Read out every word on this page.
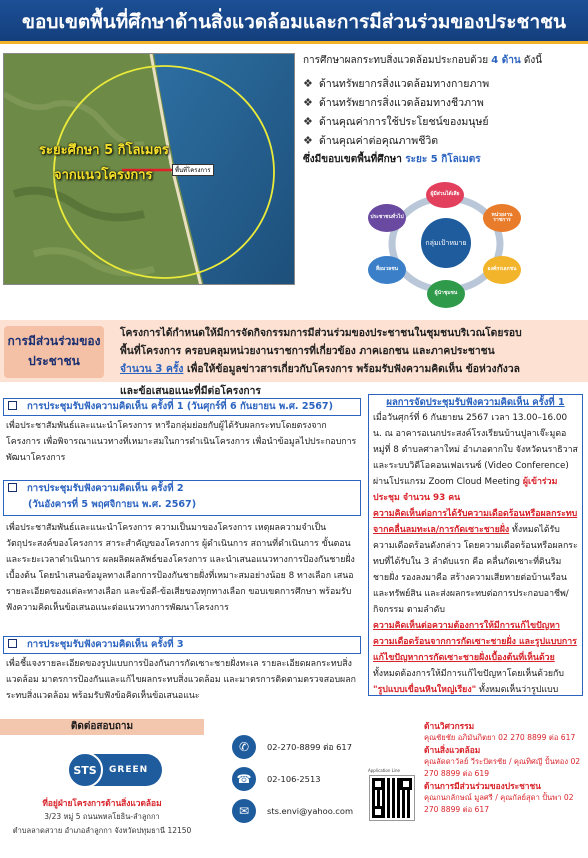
ขอบเขตพื้นที่ศึกษาด้านสิ่งแวดล้อมและการมีส่วนร่วมของประชาชน
ระยะศึกษา 5 กิโลเมตร
จากแนวโครงการ	พื้นที่โครงการ
การศึกษาผลกระทบสิ่งแวดล้อมประกอบด้วย 4 ด้าน ดังนี้
❖ ด้านทรัพยากรสิ่งแวดล้อมทางกายภาพ
❖ ด้านทรัพยากรสิ่งแวดล้อมทางชีวภาพ
❖ ด้านคุณค่าการใช้ประโยชน์ของมนุษย์
❖ ด้านคุณค่าต่อคุณภาพชีวิต
ซึ่งมีขอบเขตพื้นที่ศึกษา ระยะ 5 กิโลเมตร
กลุ่มเป้าหมาย
ผู้มีส่วนได้เสีย
หน่วยงานราชการ
องค์กรเอกชน
ผู้นำชุมชน
สื่อมวลชน
ประชาชนทั่วไป
การมีส่วนร่วมของประชาชน
โครงการได้กำหนดให้มีการจัดกิจกรรมการมีส่วนร่วมของประชาชนในชุมชนบริเวณโดยรอบ
พื้นที่โครงการ ครอบคลุมหน่วยงานราชการที่เกี่ยวข้อง ภาคเอกชน และภาคประชาชน
จำนวน 3 ครั้ง เพื่อให้ข้อมูลข่าวสารเกี่ยวกับโครงการ พร้อมรับฟังความคิดเห็น ข้อห่วงกังวล
และข้อเสนอแนะที่มีต่อโครงการ
การประชุมรับฟังความคิดเห็น ครั้งที่ 1 (วันศุกร์ที่ 6 กันยายน พ.ศ. 2567)
เพื่อประชาสัมพันธ์และแนะนำโครงการ หารือกลุ่มย่อยกับผู้ได้รับผลกระทบโดยตรงจากโครงการ เพื่อพิจารณาแนวทางที่เหมาะสมในการดำเนินโครงการ เพื่อนำข้อมูลไปประกอบการพัฒนาโครงการ
การประชุมรับฟังความคิดเห็น ครั้งที่ 2
(วันอังคารที่ 5 พฤศจิกายน พ.ศ. 2567)
เพื่อประชาสัมพันธ์และแนะนำโครงการ ความเป็นมาของโครงการ เหตุผลความจำเป็น วัตถุประสงค์ของโครงการ สาระสำคัญของโครงการ ผู้ดำเนินการ สถานที่ดำเนินการ ขั้นตอนและระยะเวลาดำเนินการ ผลผลิตผลลัพธ์ของโครงการ และนำเสนอแนวทางการป้องกันชายฝั่งเบื้องต้น โดยนำเสนอข้อมูลทางเลือกการป้องกันชายฝั่งที่เหมาะสมอย่างน้อย 8 ทางเลือก เสนอรายละเอียดของแต่ละทางเลือก และข้อดี-ข้อเสียของทุกทางเลือก ขอบเขตการศึกษา พร้อมรับฟังความคิดเห็นข้อเสนอแนะต่อแนวทางการพัฒนาโครงการ
การประชุมรับฟังความคิดเห็น ครั้งที่ 3
เพื่อชี้แจงรายละเอียดของรูปแบบการป้องกันการกัดเซาะชายฝั่งทะเล รายละเอียดผลกระทบสิ่งแวดล้อม มาตรการป้องกันและแก้ไขผลกระทบสิ่งแวดล้อม และมาตรการติดตามตรวจสอบผลกระทบสิ่งแวดล้อม พร้อมรับฟังข้อคิดเห็นข้อเสนอแนะ
ผลการจัดประชุมรับฟังความคิดเห็น ครั้งที่ 1
เมื่อวันศุกร์ที่ 6 กันยายน 2567 เวลา 13.00–16.00 น. ณ อาคารอเนกประสงค์โรงเรียนบ้านปูลาเจ๊ะมูดอ หมู่ที่ 8 ตำบลศาลาใหม่ อำเภอตากใบ จังหวัดนราธิวาส และระบบวิดีโอคอนเฟอเรนซ์ (Video Conference) ผ่านโปรแกรม Zoom Cloud Meeting ผู้เข้าร่วมประชุม จำนวน 93 คน
ความคิดเห็นต่อการได้รับความเดือดร้อนหรือผลกระทบจากคลื่นลมทะเล/การกัดเซาะชายฝั่ง ทั้งหมดได้รับความเดือดร้อนดังกล่าว โดยความเดือดร้อนหรือผลกระทบที่ได้รับใน 3 ลำดับแรก คือ คลื่นกัดเซาะที่ดินริมชายฝั่ง รองลงมาคือ สร้างความเสียหายต่อบ้านเรือนและทรัพย์สิน และส่งผลกระทบต่อการประกอบอาชีพ/กิจกรรม ตามลำดับ
ความคิดเห็นต่อความต้องการให้มีการแก้ไขปัญหาความเดือดร้อนจากการกัดเซาะชายฝั่ง และรูปแบบการแก้ไขปัญหาการกัดเซาะชายฝั่งเบื้องต้นที่เห็นด้วย ทั้งหมดต้องการให้มีการแก้ไขปัญหาโดยเห็นด้วยกับ "รูปแบบเขื่อนหินใหญ่เรียง" ทั้งหมดเห็นว่ารูปแบบ
ติดต่อสอบถาม
STS	GREEN
ที่อยู่ฝ่ายโครงการด้านสิ่งแวดล้อม
3/23 หมู่ 5 ถนนพหลโยธิน-ลำลูกกา
ตำบลลาดสวาย อำเภอลำลูกกา จังหวัดปทุมธานี 12150
✆	02-270-8899 ต่อ 617
☎	02-106-2513
✉	sts.envi@yahoo.com
Application Line
ด้านวิศวกรรม
คุณชัยชัย อภิมันกิตยา 02 270 8899 ต่อ 617
ด้านสิ่งแวดล้อม
คุณลัดดาวัลย์ วีระปัตรชัย / คุณทิศญี ปั้นทอง 02 270 8899 ต่อ 619
ด้านการมีส่วนร่วมของประชาชน
คุณกนกลักษณ์ มูลศรี / คุณกัลย์สุดา ปั้นพา 02 270 8899 ต่อ 617
